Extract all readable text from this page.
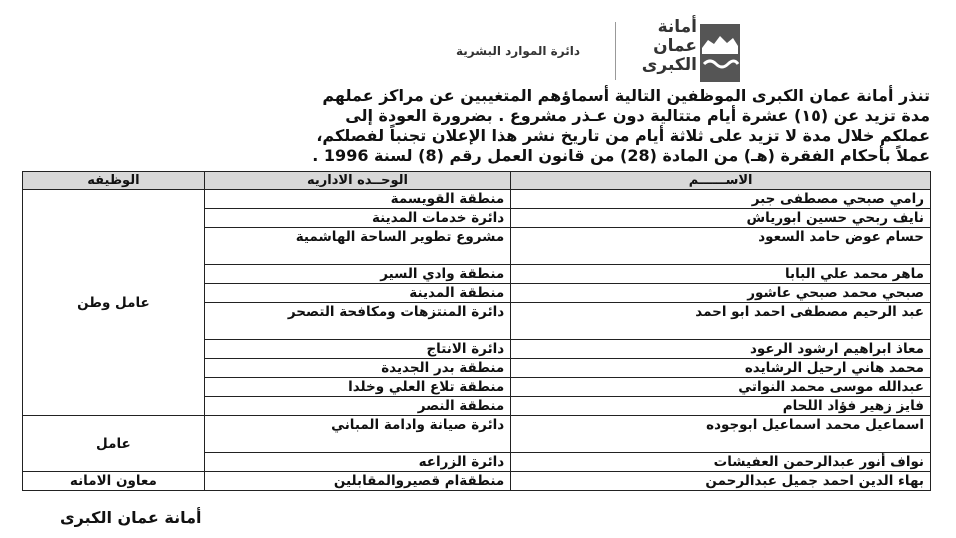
دائرة الموارد البشرية
أمانة
عمان
الكبرى
تنذر أمانة عمان الكبرى الموظفين التالية أسماؤهم المتغيبين عن مراكز عملهم
مدة تزيد عن (١٥) عشرة أيام متتالية دون عـذر مشروع . بضرورة العودة إلى
عملكم خلال مدة لا تزيد على ثلاثة أيام من تاريخ نشر هذا الإعلان تجنباً لفصلكم،
عملاً بأحكام الفقرة (هـ) من المادة (28) من قانون العمل رقم (8) لسنة 1996 .
الاســــــم	الوحــده الاداريه	الوظيفه
رامي صبحي مصطفى جبر	منطقة القويسمة	عامل وطن
نايف ربحي حسين ابورياش	دائرة خدمات المدينة	
حسام عوض حامد السعود	مشروع تطوير الساحة الهاشمية	
ماهر محمد علي البابا	منطقة وادي السير	
صبحي محمد صبحي عاشور	منطقة المدينة	
عبد الرحيم مصطفى احمد ابو احمد	دائرة المنتزهات ومكافحة التصحر	
معاذ ابراهيم ارشود الرعود	دائرة الانتاج	
محمد هاني ارحيل الرشايده	منطقة بدر الجديدة	
عبدالله موسى محمد النواتي	منطقة تلاع العلي وخلدا	
فايز زهير فؤاد اللحام	منطقة النصر	
اسماعيل محمد اسماعيل ابوجوده	دائرة صيانة وادامة المباني	عامل
نواف أنور عبدالرحمن العفيشات	دائرة الزراعه	
بهاء الدين احمد جميل عبدالرحمن	منطقةام قصيروالمقابلين	معاون الامانه
أمانة عمان الكبرى
